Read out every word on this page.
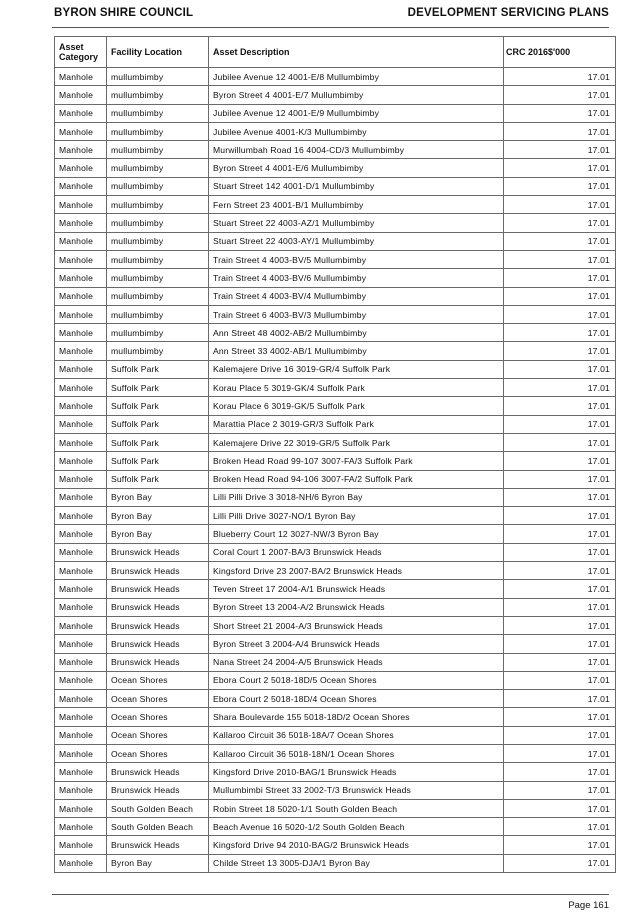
BYRON SHIRE COUNCIL	DEVELOPMENT SERVICING PLANS
Asset Category	Facility Location	Asset Description	CRC 2016$'000
Manhole	mullumbimby	Jubilee Avenue 12 4001-E/8 Mullumbimby	17.01
Manhole	mullumbimby	Byron Street 4 4001-E/7 Mullumbimby	17.01
Manhole	mullumbimby	Jubilee Avenue 12 4001-E/9 Mullumbimby	17.01
Manhole	mullumbimby	Jubilee Avenue 4001-K/3 Mullumbimby	17.01
Manhole	mullumbimby	Murwillumbah Road 16 4004-CD/3 Mullumbimby	17.01
Manhole	mullumbimby	Byron Street 4 4001-E/6 Mullumbimby	17.01
Manhole	mullumbimby	Stuart Street 142 4001-D/1 Mullumbimby	17.01
Manhole	mullumbimby	Fern Street 23 4001-B/1 Mullumbimby	17.01
Manhole	mullumbimby	Stuart Street 22 4003-AZ/1 Mullumbimby	17.01
Manhole	mullumbimby	Stuart Street 22 4003-AY/1 Mullumbimby	17.01
Manhole	mullumbimby	Train Street 4 4003-BV/5 Mullumbimby	17.01
Manhole	mullumbimby	Train Street 4 4003-BV/6 Mullumbimby	17.01
Manhole	mullumbimby	Train Street 4 4003-BV/4 Mullumbimby	17.01
Manhole	mullumbimby	Train Street 6 4003-BV/3 Mullumbimby	17.01
Manhole	mullumbimby	Ann Street 48 4002-AB/2 Mullumbimby	17.01
Manhole	mullumbimby	Ann Street 33 4002-AB/1 Mullumbimby	17.01
Manhole	Suffolk Park	Kalemajere Drive 16 3019-GR/4 Suffolk Park	17.01
Manhole	Suffolk Park	Korau Place 5 3019-GK/4 Suffolk Park	17.01
Manhole	Suffolk Park	Korau Place 6 3019-GK/5 Suffolk Park	17.01
Manhole	Suffolk Park	Marattia Place 2 3019-GR/3 Suffolk Park	17.01
Manhole	Suffolk Park	Kalemajere Drive 22 3019-GR/5 Suffolk Park	17.01
Manhole	Suffolk Park	Broken Head Road 99-107 3007-FA/3 Suffolk Park	17.01
Manhole	Suffolk Park	Broken Head Road 94-106 3007-FA/2 Suffolk Park	17.01
Manhole	Byron Bay	Lilli Pilli Drive 3 3018-NH/6 Byron Bay	17.01
Manhole	Byron Bay	Lilli Pilli Drive 3027-NO/1 Byron Bay	17.01
Manhole	Byron Bay	Blueberry Court 12 3027-NW/3 Byron Bay	17.01
Manhole	Brunswick Heads	Coral Court 1 2007-BA/3 Brunswick Heads	17.01
Manhole	Brunswick Heads	Kingsford Drive 23 2007-BA/2 Brunswick Heads	17.01
Manhole	Brunswick Heads	Teven Street 17 2004-A/1 Brunswick Heads	17.01
Manhole	Brunswick Heads	Byron Street 13 2004-A/2 Brunswick Heads	17.01
Manhole	Brunswick Heads	Short Street 21 2004-A/3 Brunswick Heads	17.01
Manhole	Brunswick Heads	Byron Street 3 2004-A/4 Brunswick Heads	17.01
Manhole	Brunswick Heads	Nana Street 24 2004-A/5 Brunswick Heads	17.01
Manhole	Ocean Shores	Ebora Court 2 5018-18D/5 Ocean Shores	17.01
Manhole	Ocean Shores	Ebora Court 2 5018-18D/4 Ocean Shores	17.01
Manhole	Ocean Shores	Shara Boulevarde 155 5018-18D/2 Ocean Shores	17.01
Manhole	Ocean Shores	Kallaroo Circuit 36 5018-18A/7 Ocean Shores	17.01
Manhole	Ocean Shores	Kallaroo Circuit 36 5018-18N/1 Ocean Shores	17.01
Manhole	Brunswick Heads	Kingsford Drive 2010-BAG/1 Brunswick Heads	17.01
Manhole	Brunswick Heads	Mullumbimbi Street 33 2002-T/3 Brunswick Heads	17.01
Manhole	South Golden Beach	Robin Street 18 5020-1/1 South Golden Beach	17.01
Manhole	South Golden Beach	Beach Avenue 16 5020-1/2 South Golden Beach	17.01
Manhole	Brunswick Heads	Kingsford Drive 94 2010-BAG/2 Brunswick Heads	17.01
Manhole	Byron Bay	Childe Street 13 3005-DJA/1 Byron Bay	17.01
Page 161
